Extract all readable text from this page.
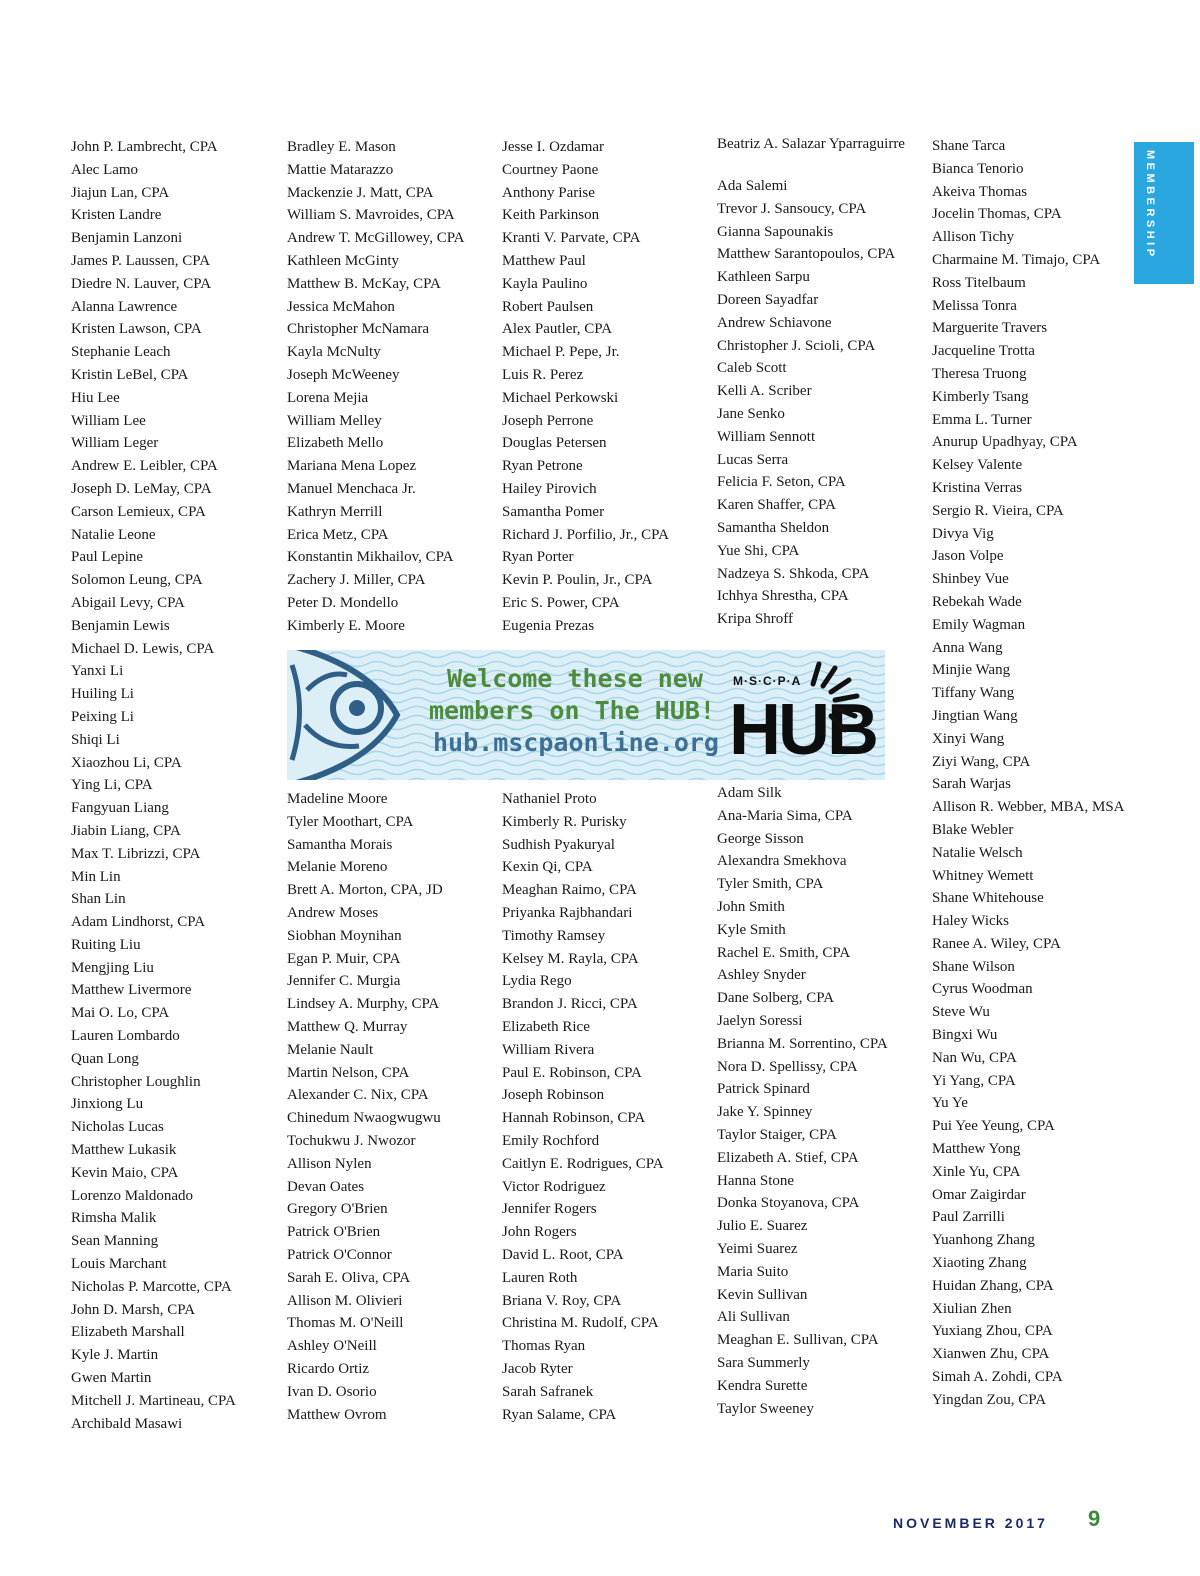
John P. Lambrecht, CPA
Alec Lamo
Jiajun Lan, CPA
Kristen Landre
Benjamin Lanzoni
James P. Laussen, CPA
Diedre N. Lauver, CPA
Alanna Lawrence
Kristen Lawson, CPA
Stephanie Leach
Kristin LeBel, CPA
Hiu Lee
William Lee
William Leger
Andrew E. Leibler, CPA
Joseph D. LeMay, CPA
Carson Lemieux, CPA
Natalie Leone
Paul Lepine
Solomon Leung, CPA
Abigail Levy, CPA
Benjamin Lewis
Michael D. Lewis, CPA
Yanxi Li
Huiling Li
Peixing Li
Shiqi Li
Xiaozhou Li, CPA
Ying Li, CPA
Fangyuan Liang
Jiabin Liang, CPA
Max T. Librizzi, CPA
Min Lin
Shan Lin
Adam Lindhorst, CPA
Ruiting Liu
Mengjing Liu
Matthew Livermore
Mai O. Lo, CPA
Lauren Lombardo
Quan Long
Christopher Loughlin
Jinxiong Lu
Nicholas Lucas
Matthew Lukasik
Kevin Maio, CPA
Lorenzo Maldonado
Rimsha Malik
Sean Manning
Louis Marchant
Nicholas P. Marcotte, CPA
John D. Marsh, CPA
Elizabeth Marshall
Kyle J. Martin
Gwen Martin
Mitchell J. Martineau, CPA
Archibald Masawi
Bradley E. Mason
Mattie Matarazzo
Mackenzie J. Matt, CPA
William S. Mavroides, CPA
Andrew T. McGillowey, CPA
Kathleen McGinty
Matthew B. McKay, CPA
Jessica McMahon
Christopher McNamara
Kayla McNulty
Joseph McWeeney
Lorena Mejia
William Melley
Elizabeth Mello
Mariana Mena Lopez
Manuel Menchaca Jr.
Kathryn Merrill
Erica Metz, CPA
Konstantin Mikhailov, CPA
Zachery J. Miller, CPA
Peter D. Mondello
Kimberly E. Moore
Madeline Moore
Tyler Moothart, CPA
Samantha Morais
Melanie Moreno
Brett A. Morton, CPA, JD
Andrew Moses
Siobhan Moynihan
Egan P. Muir, CPA
Jennifer C. Murgia
Lindsey A. Murphy, CPA
Matthew Q. Murray
Melanie Nault
Martin Nelson, CPA
Alexander C. Nix, CPA
Chinedum Nwaogwugwu
Tochukwu J. Nwozor
Allison Nylen
Devan Oates
Gregory O'Brien
Patrick O'Brien
Patrick O'Connor
Sarah E. Oliva, CPA
Allison M. Olivieri
Thomas M. O'Neill
Ashley O'Neill
Ricardo Ortiz
Ivan D. Osorio
Matthew Ovrom
Jesse I. Ozdamar
Courtney Paone
Anthony Parise
Keith Parkinson
Kranti V. Parvate, CPA
Matthew Paul
Kayla Paulino
Robert Paulsen
Alex Pautler, CPA
Michael P. Pepe, Jr.
Luis R. Perez
Michael Perkowski
Joseph Perrone
Douglas Petersen
Ryan Petrone
Hailey Pirovich
Samantha Pomer
Richard J. Porfilio, Jr., CPA
Ryan Porter
Kevin P. Poulin, Jr., CPA
Eric S. Power, CPA
Eugenia Prezas
Nathaniel Proto
Kimberly R. Purisky
Sudhish Pyakuryal
Kexin Qi, CPA
Meaghan Raimo, CPA
Priyanka Rajbhandari
Timothy Ramsey
Kelsey M. Rayla, CPA
Lydia Rego
Brandon J. Ricci, CPA
Elizabeth Rice
William Rivera
Paul E. Robinson, CPA
Joseph Robinson
Hannah Robinson, CPA
Emily Rochford
Caitlyn E. Rodrigues, CPA
Victor Rodriguez
Jennifer Rogers
John Rogers
David L. Root, CPA
Lauren Roth
Briana V. Roy, CPA
Christina M. Rudolf, CPA
Thomas Ryan
Jacob Ryter
Sarah Safranek
Ryan Salame, CPA
Beatriz A. Salazar Yparraguirre
Ada Salemi
Trevor J. Sansoucy, CPA
Gianna Sapounakis
Matthew Sarantopoulos, CPA
Kathleen Sarpu
Doreen Sayadfar
Andrew Schiavone
Christopher J. Scioli, CPA
Caleb Scott
Kelli A. Scriber
Jane Senko
William Sennott
Lucas Serra
Felicia F. Seton, CPA
Karen Shaffer, CPA
Samantha Sheldon
Yue Shi, CPA
Nadzeya S. Shkoda, CPA
Ichhya Shrestha, CPA
Kripa Shroff
Adam Silk
Ana-Maria Sima, CPA
George Sisson
Alexandra Smekhova
Tyler Smith, CPA
John Smith
Kyle Smith
Rachel E. Smith, CPA
Ashley Snyder
Dane Solberg, CPA
Jaelyn Soressi
Brianna M. Sorrentino, CPA
Nora D. Spellissy, CPA
Patrick Spinard
Jake Y. Spinney
Taylor Staiger, CPA
Elizabeth A. Stief, CPA
Hanna Stone
Donka Stoyanova, CPA
Julio E. Suarez
Yeimi Suarez
Maria Suito
Kevin Sullivan
Ali Sullivan
Meaghan E. Sullivan, CPA
Sara Summerly
Kendra Surette
Taylor Sweeney
Shane Tarca
Bianca Tenorio
Akeiva Thomas
Jocelin Thomas, CPA
Allison Tichy
Charmaine M. Timajo, CPA
Ross Titelbaum
Melissa Tonra
Marguerite Travers
Jacqueline Trotta
Theresa Truong
Kimberly Tsang
Emma L. Turner
Anurup Upadhyay, CPA
Kelsey Valente
Kristina Verras
Sergio R. Vieira, CPA
Divya Vig
Jason Volpe
Shinbey Vue
Rebekah Wade
Emily Wagman
Anna Wang
Minjie Wang
Tiffany Wang
Jingtian Wang
Xinyi Wang
Ziyi Wang, CPA
Sarah Warjas
Allison R. Webber, MBA, MSA
Blake Webler
Natalie Welsch
Whitney Wemett
Shane Whitehouse
Haley Wicks
Ranee A. Wiley, CPA
Shane Wilson
Cyrus Woodman
Steve Wu
Bingxi Wu
Nan Wu, CPA
Yi Yang, CPA
Yu Ye
Pui Yee Yeung, CPA
Matthew Yong
Xinle Yu, CPA
Omar Zaigirdar
Paul Zarrilli
Yuanhong Zhang
Xiaoting Zhang
Huidan Zhang, CPA
Xiulian Zhen
Yuxiang Zhou, CPA
Xianwen Zhu, CPA
Simah A. Zohdi, CPA
Yingdan Zou, CPA
MEMBERSHIP
Welcome these new
members on The HUB!
hub.mscpaonline.org
M·S·C·P·A
HUB
NOVEMBER 2017 9
